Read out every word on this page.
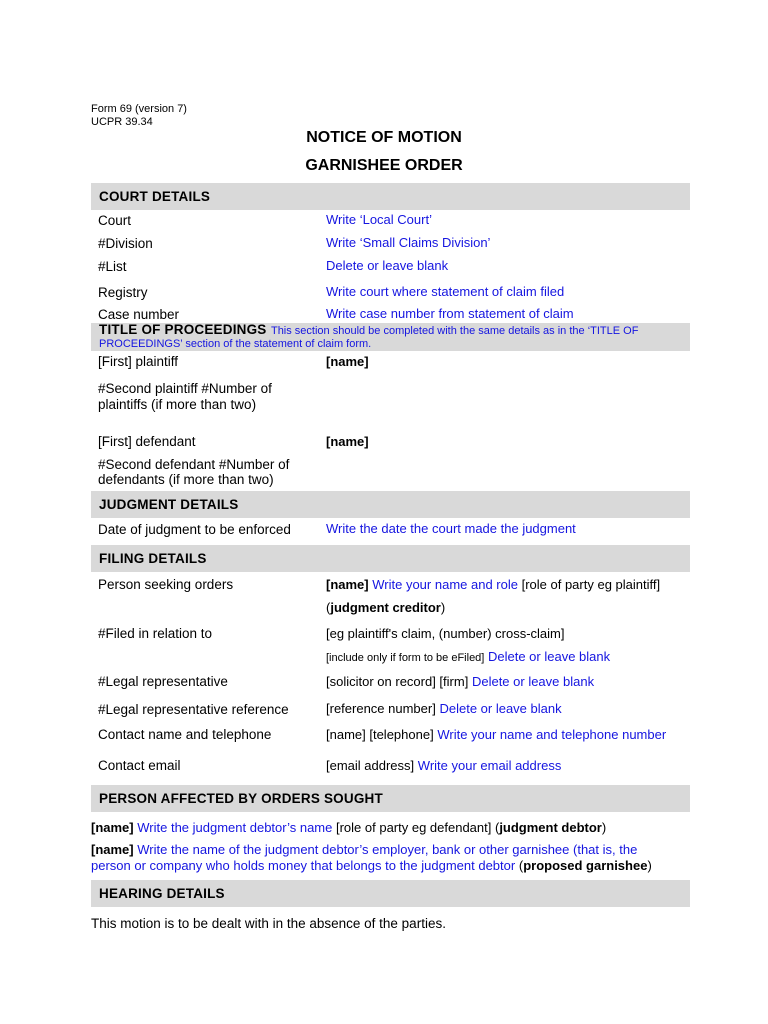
Form 69 (version 7)
UCPR 39.34
NOTICE OF MOTION
GARNISHEE ORDER
COURT DETAILS
Court	Write ‘Local Court’
#Division	Write ‘Small Claims Division’
#List	Delete or leave blank
Registry	Write court where statement of claim filed
Case number	Write case number from statement of claim
TITLE OF PROCEEDINGS This section should be completed with the same details as in the ‘TITLE OF PROCEEDINGS’ section of the statement of claim form.
[First] plaintiff	[name]
#Second plaintiff #Number of
plaintiffs (if more than two)
[First] defendant	[name]
#Second defendant #Number of
defendants (if more than two)
JUDGMENT DETAILS
Date of judgment to be enforced	Write the date the court made the judgment
FILING DETAILS
Person seeking orders	[name] Write your name and role [role of party eg plaintiff]
(judgment creditor)
#Filed in relation to	[eg plaintiff's claim, (number) cross-claim]
[include only if form to be eFiled] Delete or leave blank
#Legal representative	[solicitor on record] [firm] Delete or leave blank
#Legal representative reference	[reference number] Delete or leave blank
Contact name and telephone	[name] [telephone] Write your name and telephone number
Contact email	[email address] Write your email address
PERSON AFFECTED BY ORDERS SOUGHT
[name] Write the judgment debtor’s name [role of party eg defendant] (judgment debtor)
[name] Write the name of the judgment debtor’s employer, bank or other garnishee (that is, the
person or company who holds money that belongs to the judgment debtor (proposed garnishee)
HEARING DETAILS
This motion is to be dealt with in the absence of the parties.
